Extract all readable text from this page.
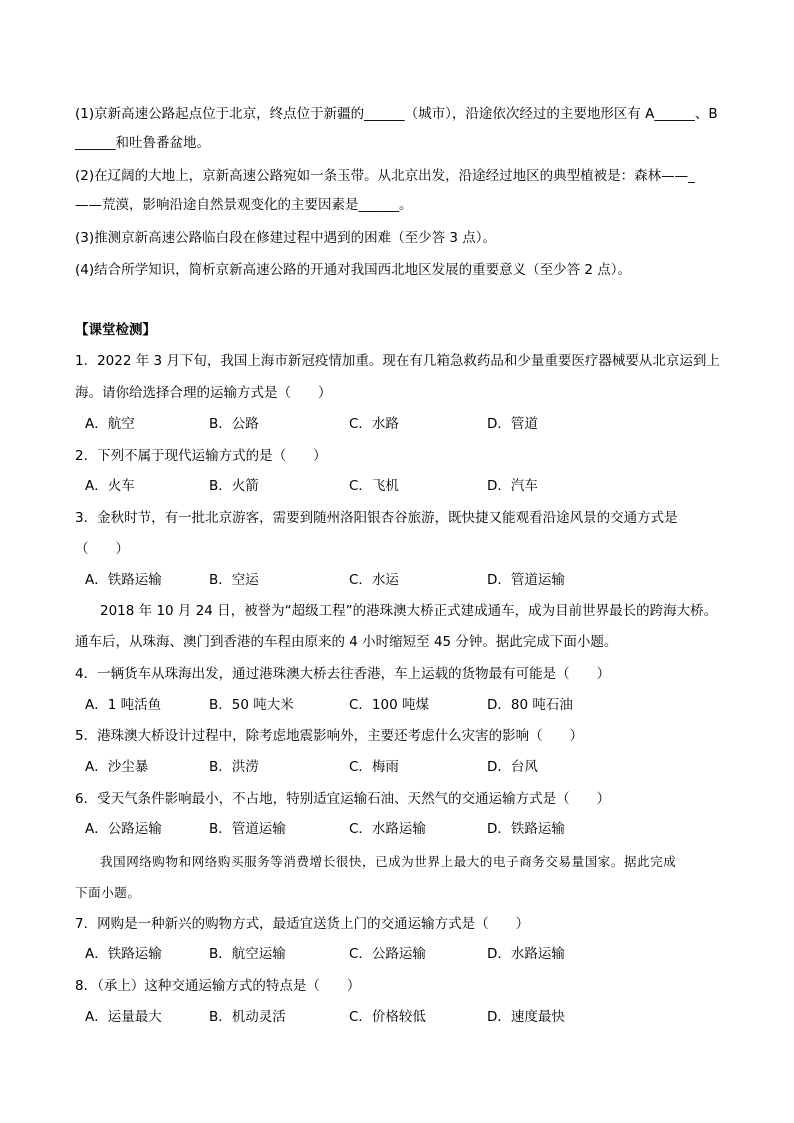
(1)京新高速公路起点位于北京，终点位于新疆的______（城市），沿途依次经过的主要地形区有 A______、B
______和吐鲁番盆地。
(2)在辽阔的大地上，京新高速公路宛如一条玉带。从北京出发，沿途经过地区的典型植被是：森林——_
——荒漠，影响沿途自然景观变化的主要因素是______。
(3)推测京新高速公路临白段在修建过程中遇到的困难（至少答 3 点）。
(4)结合所学知识，简析京新高速公路的开通对我国西北地区发展的重要意义（至少答 2 点）。
【课堂检测】
1．2022 年 3 月下旬，我国上海市新冠疫情加重。现在有几箱急救药品和少量重要医疗器械要从北京运到上
海。请你给选择合理的运输方式是（　　）
A．航空	B．公路	C．水路	D．管道
2．下列不属于现代运输方式的是（　　）
A．火车	B．火箭	C．飞机	D．汽车
3．金秋时节，有一批北京游客，需要到随州洛阳银杏谷旅游，既快捷又能观看沿途风景的交通方式是
（　　）
A．铁路运输	B．空运	C．水运	D．管道运输
2018 年 10 月 24 日，被誉为“超级工程”的港珠澳大桥正式建成通车，成为目前世界最长的跨海大桥。
通车后，从珠海、澳门到香港的车程由原来的 4 小时缩短至 45 分钟。据此完成下面小题。
4．一辆货车从珠海出发，通过港珠澳大桥去往香港，车上运载的货物最有可能是（　　）
A．1 吨活鱼	B．50 吨大米	C．100 吨煤	D．80 吨石油
5．港珠澳大桥设计过程中，除考虑地震影响外，主要还考虑什么灾害的影响（　　）
A．沙尘暴	B．洪涝	C．梅雨	D．台风
6．受天气条件影响最小，不占地，特别适宜运输石油、天然气的交通运输方式是（　　）
A．公路运输	B．管道运输	C．水路运输	D．铁路运输
我国网络购物和网络购买服务等消费增长很快，已成为世界上最大的电子商务交易量国家。据此完成
下面小题。
7．网购是一种新兴的购物方式，最适宜送货上门的交通运输方式是（　　）
A．铁路运输	B．航空运输	C．公路运输	D．水路运输
8．（承上）这种交通运输方式的特点是（　　）
A．运量最大	B．机动灵活	C．价格较低	D．速度最快
